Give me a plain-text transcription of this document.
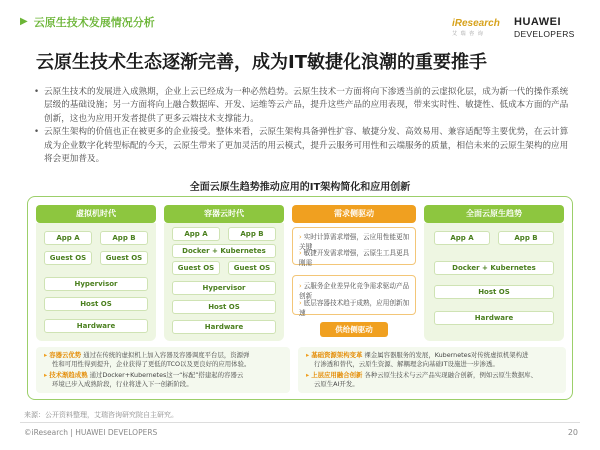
▶ 云原生技术发展情况分析	iResearch
艾 瑞 咨 询
HUAWEI
DEVELOPERS
云原生技术生态逐渐完善，成为IT敏捷化浪潮的重要推手
• 云原生技术的发展进入成熟期，企业上云已经成为一种必然趋势。云原生技术一方面将向下渗透当前的云虚拟化层，成为新一代的操作系统层级的基础设施；另一方面将向上融合数据库、开发、运维等云产品，提升这些产品的应用表现，带来实时性、敏捷性、低成本方面的产品创新，这也为应用开发者提供了更多云端技术支撑能力。
• 云原生架构的价值也正在被更多的企业接受。整体来看，云原生架构具备弹性扩容、敏捷分发、高效易用、兼容适配等主要优势，在云计算成为企业数字化转型标配的今天，云原生带来了更加灵活的用云模式，提升云服务可用性和云端服务的质量，相信未来的云原生架构的应用将会更加普及。
全面云原生趋势推动应用的IT架构简化和应用创新
虚拟机时代
App A	App B
Guest OS	Guest OS
Hypervisor
Host OS
Hardware
容器云时代
App A	App B
Docker + Kubernetes
Guest OS	Guest OS
Hypervisor
Host OS
Hardware
需求侧驱动
› 实时计算需求增强，云应用性能更加关键
› 敏捷开发需求增强，云原生工具更具刚需
› 云服务企业差异化竞争需求驱动产品创新
› 底层容器技术趋于成熟，应用创新加速
供给侧驱动
全面云原生趋势
App A	App B
Docker + Kubernetes
Host OS
Hardware
▸ 容器云优势 通过在传统的虚拟机上加入容器及容器调度平台层，资源弹
性和可用性得到提升，企业获得了更低的TCO以及更良好的应用体验。
▸ 技术渐趋成熟 通过Docker+Kubernetes这一“标配”搭建起的容器云
环境已步入成熟阶段，行业将进入下一创新阶段。
▸ 基础资源架构变革 裸金属容器服务的发展，Kubernetes对传统虚拟机架构进
行渗透和替代，云原生资源、解耦理念向基础IT设施进一步渗透。
▸ 上层应用融合创新 各种云原生技术与云产品实现融合创新，例如云原生数据库、
云原生AI开发。
来源：公开资料整理，艾瑞咨询研究院自主研究。
©iResearch | HUAWEI DEVELOPERS	20
